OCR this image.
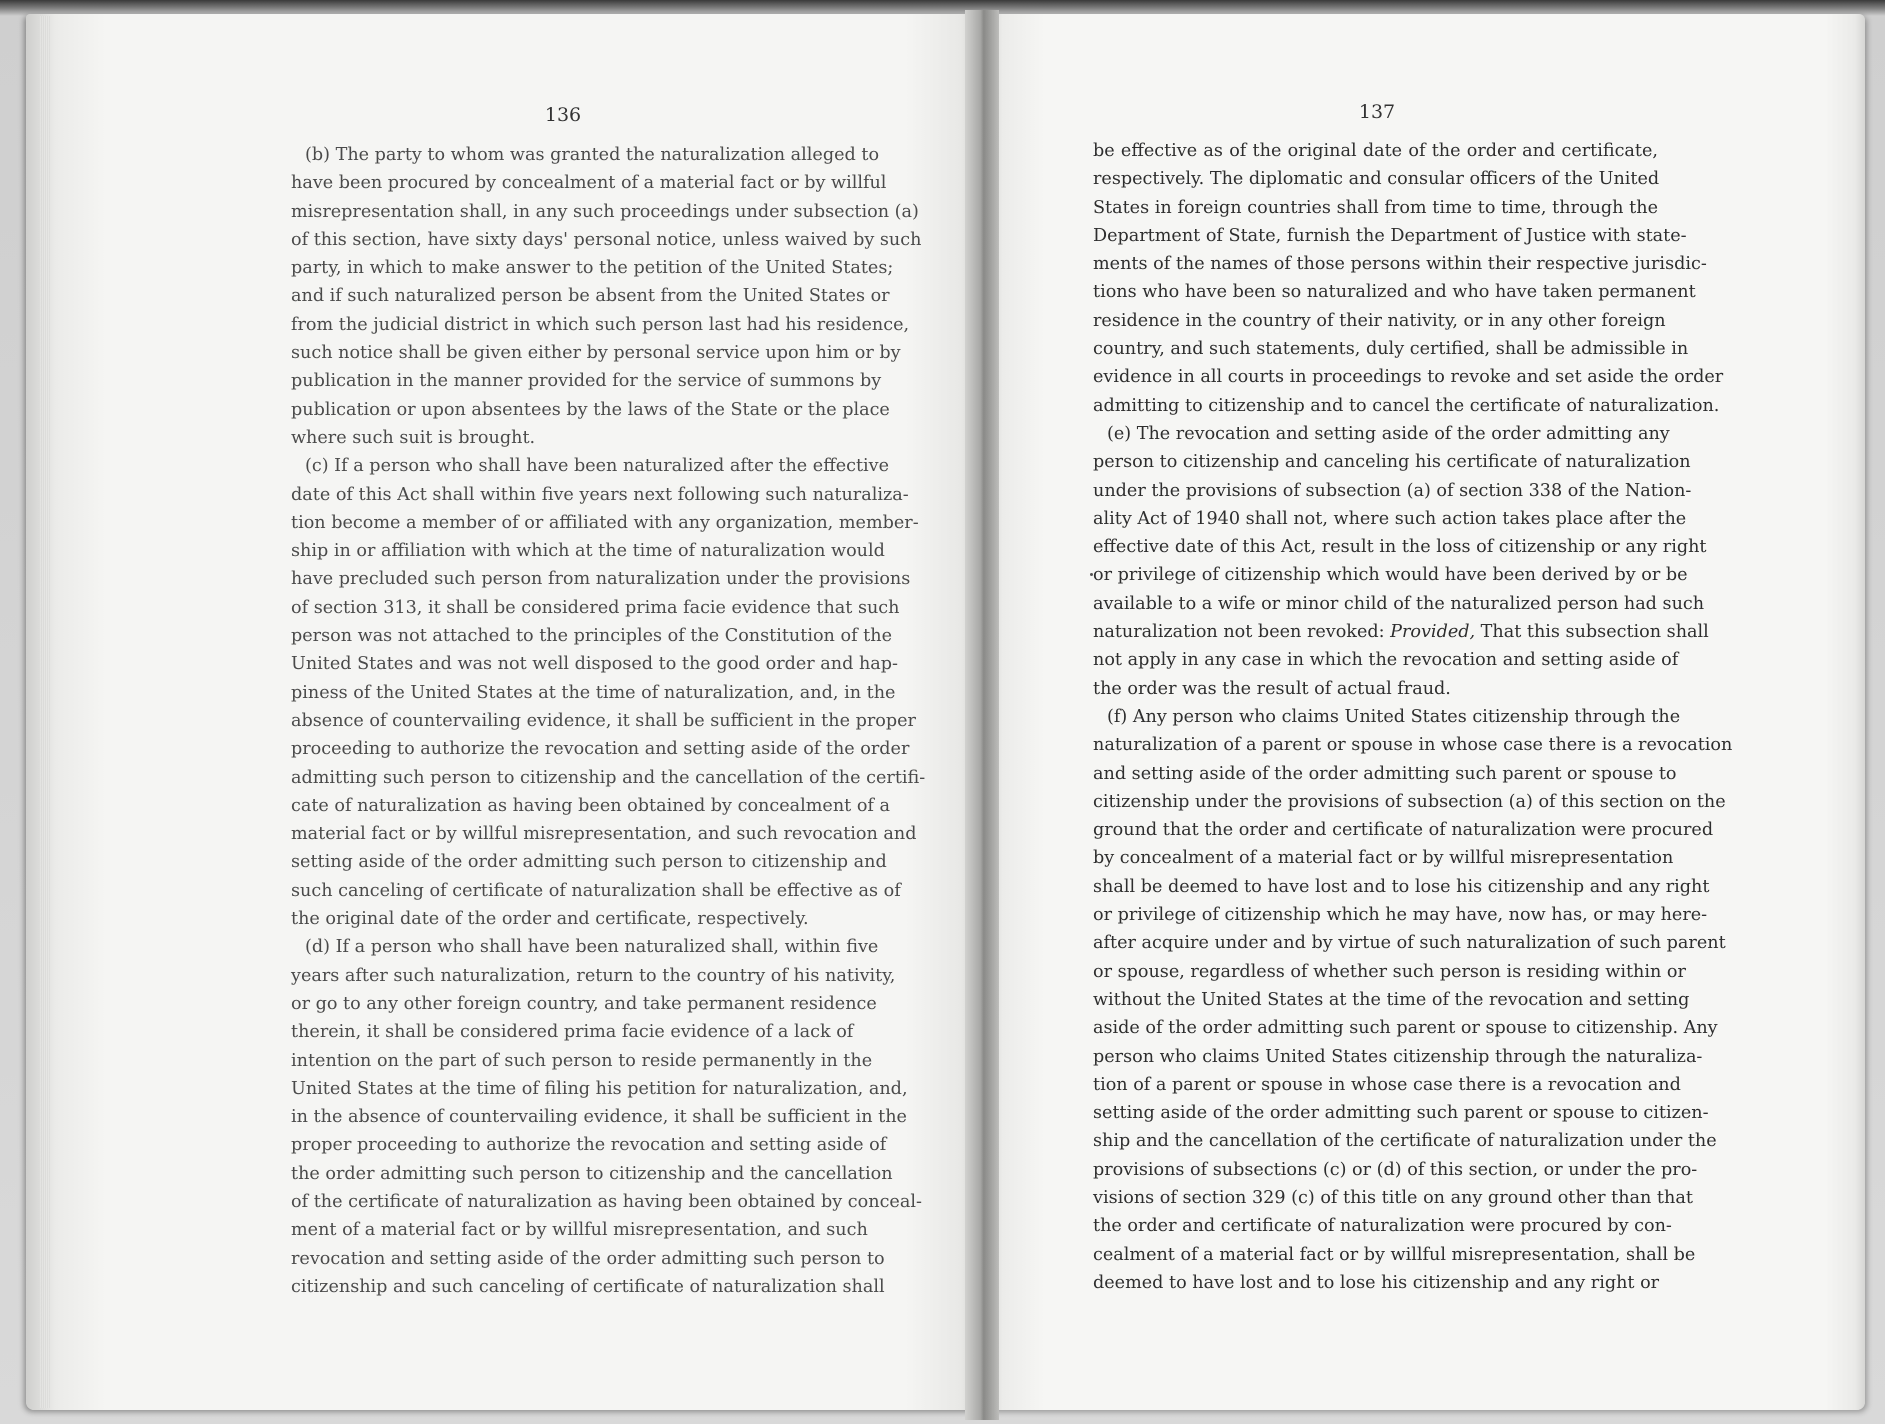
136	137
(b) The party to whom was granted the naturalization alleged to
have been procured by concealment of a material fact or by willful
misrepresentation shall, in any such proceedings under subsection (a)
of this section, have sixty days' personal notice, unless waived by such
party, in which to make answer to the petition of the United States;
and if such naturalized person be absent from the United States or
from the judicial district in which such person last had his residence,
such notice shall be given either by personal service upon him or by
publication in the manner provided for the service of summons by
publication or upon absentees by the laws of the State or the place
where such suit is brought.
(c) If a person who shall have been naturalized after the effective
date of this Act shall within five years next following such naturaliza-
tion become a member of or affiliated with any organization, member-
ship in or affiliation with which at the time of naturalization would
have precluded such person from naturalization under the provisions
of section 313, it shall be considered prima facie evidence that such
person was not attached to the principles of the Constitution of the
United States and was not well disposed to the good order and hap-
piness of the United States at the time of naturalization, and, in the
absence of countervailing evidence, it shall be sufficient in the proper
proceeding to authorize the revocation and setting aside of the order
admitting such person to citizenship and the cancellation of the certifi-
cate of naturalization as having been obtained by concealment of a
material fact or by willful misrepresentation, and such revocation and
setting aside of the order admitting such person to citizenship and
such canceling of certificate of naturalization shall be effective as of
the original date of the order and certificate, respectively.
(d) If a person who shall have been naturalized shall, within five
years after such naturalization, return to the country of his nativity,
or go to any other foreign country, and take permanent residence
therein, it shall be considered prima facie evidence of a lack of
intention on the part of such person to reside permanently in the
United States at the time of filing his petition for naturalization, and,
in the absence of countervailing evidence, it shall be sufficient in the
proper proceeding to authorize the revocation and setting aside of
the order admitting such person to citizenship and the cancellation
of the certificate of naturalization as having been obtained by conceal-
ment of a material fact or by willful misrepresentation, and such
revocation and setting aside of the order admitting such person to
citizenship and such canceling of certificate of naturalization shall
be effective as of the original date of the order and certificate,
respectively. The diplomatic and consular officers of the United
States in foreign countries shall from time to time, through the
Department of State, furnish the Department of Justice with state-
ments of the names of those persons within their respective jurisdic-
tions who have been so naturalized and who have taken permanent
residence in the country of their nativity, or in any other foreign
country, and such statements, duly certified, shall be admissible in
evidence in all courts in proceedings to revoke and set aside the order
admitting to citizenship and to cancel the certificate of naturalization.
(e) The revocation and setting aside of the order admitting any
person to citizenship and canceling his certificate of naturalization
under the provisions of subsection (a) of section 338 of the Nation-
ality Act of 1940 shall not, where such action takes place after the
effective date of this Act, result in the loss of citizenship or any right
or privilege of citizenship which would have been derived by or be
available to a wife or minor child of the naturalized person had such
naturalization not been revoked: Provided, That this subsection shall
not apply in any case in which the revocation and setting aside of
the order was the result of actual fraud.
(f) Any person who claims United States citizenship through the
naturalization of a parent or spouse in whose case there is a revocation
and setting aside of the order admitting such parent or spouse to
citizenship under the provisions of subsection (a) of this section on the
ground that the order and certificate of naturalization were procured
by concealment of a material fact or by willful misrepresentation
shall be deemed to have lost and to lose his citizenship and any right
or privilege of citizenship which he may have, now has, or may here-
after acquire under and by virtue of such naturalization of such parent
or spouse, regardless of whether such person is residing within or
without the United States at the time of the revocation and setting
aside of the order admitting such parent or spouse to citizenship. Any
person who claims United States citizenship through the naturaliza-
tion of a parent or spouse in whose case there is a revocation and
setting aside of the order admitting such parent or spouse to citizen-
ship and the cancellation of the certificate of naturalization under the
provisions of subsections (c) or (d) of this section, or under the pro-
visions of section 329 (c) of this title on any ground other than that
the order and certificate of naturalization were procured by con-
cealment of a material fact or by willful misrepresentation, shall be
deemed to have lost and to lose his citizenship and any right or
